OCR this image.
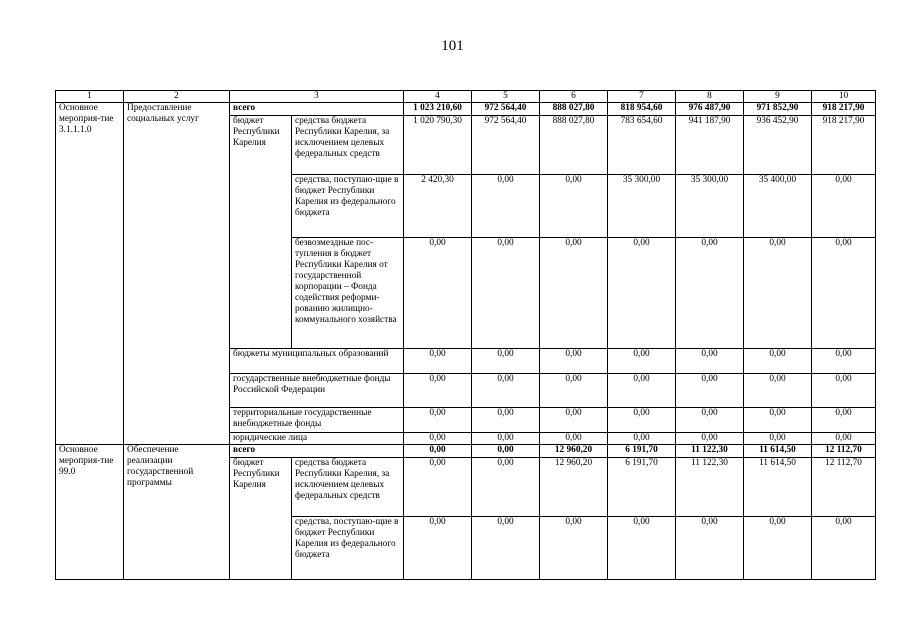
101
1	2	3		4	5	6	7	8	9	10
Основное мероприя-тие 3.1.1.1.0	Предоставление социальных услуг	всего		1 023 210,60	972 564,40	888 027,80	818 954,60	976 487,90	971 852,90	918 217,90
		бюджет Республики Карелия	средства бюджета Республики Карелия, за исключением целевых федеральных средств	1 020 790,30	972 564,40	888 027,80	783 654,60	941 187,90	936 452,90	918 217,90
			средства, поступаю-щие в бюджет Республики Карелия из федерального бюджета	2 420,30	0,00	0,00	35 300,00	35 300,00	35 400,00	0,00
			безвозмездные пос-тупления в бюджет Республики Карелия от государственной корпорации – Фонда содействия реформи-рованию жилищно-коммунального хозяйства	0,00	0,00	0,00	0,00	0,00	0,00	0,00
		бюджеты муниципальных образований		0,00	0,00	0,00	0,00	0,00	0,00	0,00
		государственные внебюджетные фонды Российской Федерации		0,00	0,00	0,00	0,00	0,00	0,00	0,00
		территориальные государственные внебюджетные фонды		0,00	0,00	0,00	0,00	0,00	0,00	0,00
		юридические лица		0,00	0,00	0,00	0,00	0,00	0,00	0,00
Основное мероприя-тие 99.0	Обеспечение реализации государственной программы	всего		0,00	0,00	12 960,20	6 191,70	11 122,30	11 614,50	12 112,70
		бюджет Республики Карелия	средства бюджета Республики Карелия, за исключением целевых федеральных средств	0,00	0,00	12 960,20	6 191,70	11 122,30	11 614,50	12 112,70
			средства, поступаю-щие в бюджет Республики Карелия из федерального бюджета	0,00	0,00	0,00	0,00	0,00	0,00	0,00
